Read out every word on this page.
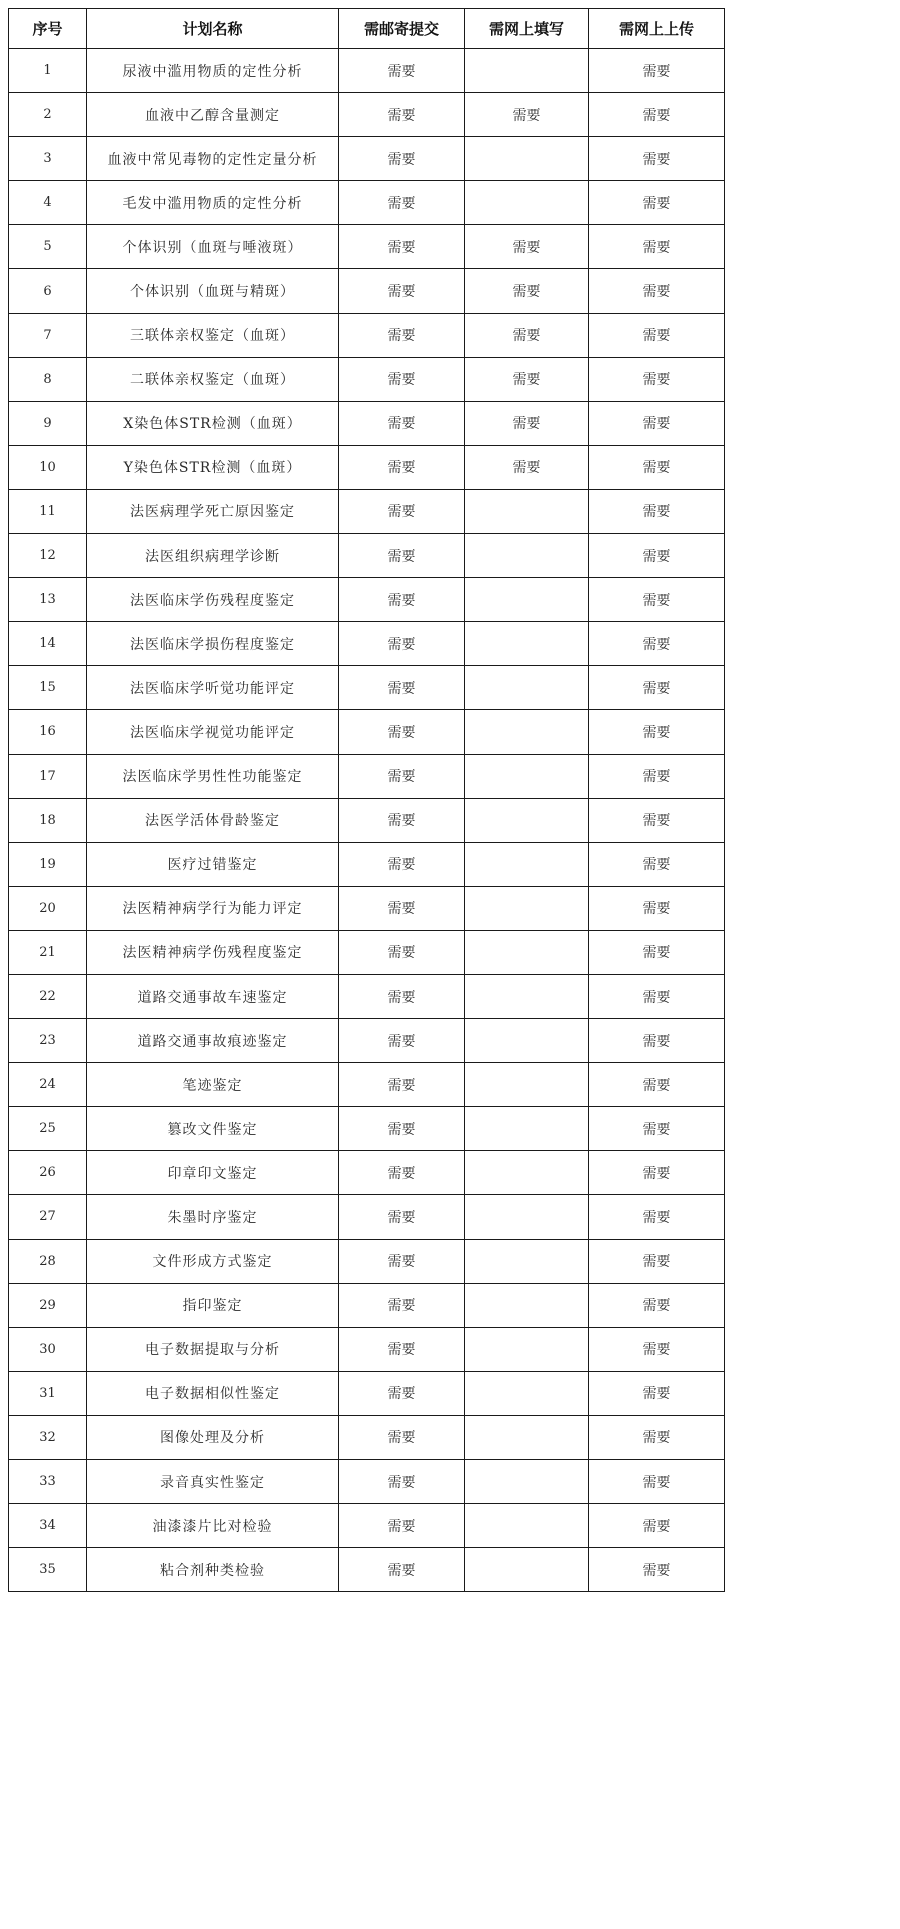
序号	计划名称	需邮寄提交	需网上填写	需网上上传
1	尿液中滥用物质的定性分析	需要		需要
2	血液中乙醇含量测定	需要	需要	需要
3	血液中常见毒物的定性定量分析	需要		需要
4	毛发中滥用物质的定性分析	需要		需要
5	个体识别（血斑与唾液斑）	需要	需要	需要
6	个体识别（血斑与精斑）	需要	需要	需要
7	三联体亲权鉴定（血斑）	需要	需要	需要
8	二联体亲权鉴定（血斑）	需要	需要	需要
9	X染色体STR检测（血斑）	需要	需要	需要
10	Y染色体STR检测（血斑）	需要	需要	需要
11	法医病理学死亡原因鉴定	需要		需要
12	法医组织病理学诊断	需要		需要
13	法医临床学伤残程度鉴定	需要		需要
14	法医临床学损伤程度鉴定	需要		需要
15	法医临床学听觉功能评定	需要		需要
16	法医临床学视觉功能评定	需要		需要
17	法医临床学男性性功能鉴定	需要		需要
18	法医学活体骨龄鉴定	需要		需要
19	医疗过错鉴定	需要		需要
20	法医精神病学行为能力评定	需要		需要
21	法医精神病学伤残程度鉴定	需要		需要
22	道路交通事故车速鉴定	需要		需要
23	道路交通事故痕迹鉴定	需要		需要
24	笔迹鉴定	需要		需要
25	篡改文件鉴定	需要		需要
26	印章印文鉴定	需要		需要
27	朱墨时序鉴定	需要		需要
28	文件形成方式鉴定	需要		需要
29	指印鉴定	需要		需要
30	电子数据提取与分析	需要		需要
31	电子数据相似性鉴定	需要		需要
32	图像处理及分析	需要		需要
33	录音真实性鉴定	需要		需要
34	油漆漆片比对检验	需要		需要
35	粘合剂种类检验	需要		需要
